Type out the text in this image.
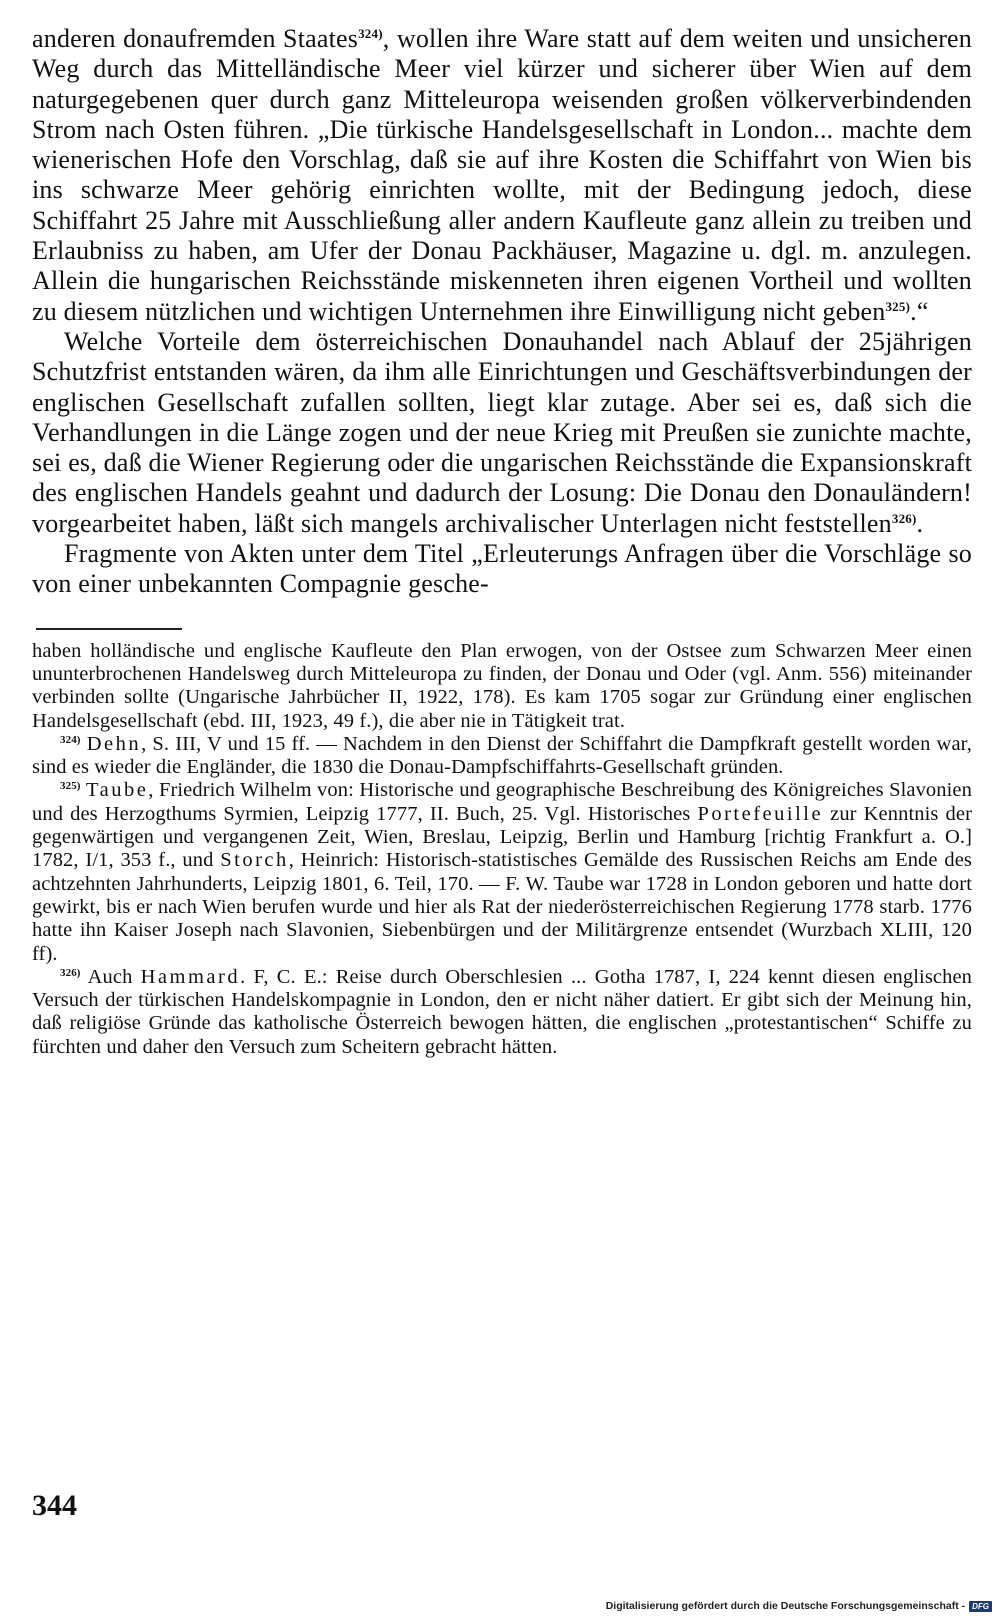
anderen donaufremden Staates$^{324)}$, wollen ihre Ware statt auf dem weiten und unsicheren Weg durch das Mittelländische Meer viel kürzer und sicherer über Wien auf dem naturgegebenen quer durch ganz Mitteleuropa weisenden großen völkerverbindenden Strom nach Osten führen. „Die türkische Handelsgesellschaft in London... machte dem wienerischen Hofe den Vorschlag, daß sie auf ihre Kosten die Schiffahrt von Wien bis ins schwarze Meer gehörig einrichten wollte, mit der Bedingung jedoch, diese Schiffahrt 25 Jahre mit Ausschließung aller andern Kaufleute ganz allein zu treiben und Erlaubniss zu haben, am Ufer der Donau Packhäuser, Magazine u. dgl. m. anzulegen. Allein die hungarischen Reichsstände miskenneten ihren eigenen Vortheil und wollten zu diesem nützlichen und wichtigen Unternehmen ihre Einwilligung nicht geben$^{325)}$.“

Welche Vorteile dem österreichischen Donauhandel nach Ablauf der 25jährigen Schutzfrist entstanden wären, da ihm alle Einrichtungen und Geschäftsverbindungen der englischen Gesellschaft zufallen sollten, liegt klar zutage. Aber sei es, daß sich die Verhandlungen in die Länge zogen und der neue Krieg mit Preußen sie zunichte machte, sei es, daß die Wiener Regierung oder die ungarischen Reichsstände die Expansionskraft des englischen Handels geahnt und dadurch der Losung: Die Donau den Donauländern! vorgearbeitet haben, läßt sich mangels archivalischer Unterlagen nicht feststellen$^{326)}$.

Fragmente von Akten unter dem Titel „Erleuterungs Anfragen über die Vorschläge so von einer unbekannten Compagnie gesche-

haben holländische und englische Kaufleute den Plan erwogen, von der Ostsee zum Schwarzen Meer einen ununterbrochenen Handelsweg durch Mitteleuropa zu finden, der Donau und Oder (vgl. Anm. 556) miteinander verbinden sollte (Ungarische Jahrbücher II, 1922, 178). Es kam 1705 sogar zur Gründung einer englischen Handelsgesellschaft (ebd. III, 1923, 49 f.), die aber nie in Tätigkeit trat.

$^{324)}$ Dehn, S. III, V und 15 ff. — Nachdem in den Dienst der Schiffahrt die Dampfkraft gestellt worden war, sind es wieder die Engländer, die 1830 die Donau-Dampfschiffahrts-Gesellschaft gründen.

$^{325)}$ Taube, Friedrich Wilhelm von: Historische und geographische Beschreibung des Königreiches Slavonien und des Herzogthums Syrmien, Leipzig 1777, II. Buch, 25. Vgl. Historisches Portefeuille zur Kenntnis der gegenwärtigen und vergangenen Zeit, Wien, Breslau, Leipzig, Berlin und Hamburg [richtig Frankfurt a. O.] 1782, I/1, 353 f., und Storch, Heinrich: Historisch-statistisches Gemälde des Russischen Reichs am Ende des achtzehnten Jahrhunderts, Leipzig 1801, 6. Teil, 170. — F. W. Taube war 1728 in London geboren und hatte dort gewirkt, bis er nach Wien berufen wurde und hier als Rat der niederösterreichischen Regierung 1778 starb. 1776 hatte ihn Kaiser Joseph nach Slavonien, Siebenbürgen und der Militärgrenze entsendet (Wurzbach XLIII, 120 ff).

$^{326)}$ Auch Hammard. F, C. E.: Reise durch Oberschlesien ... Gotha 1787, I, 224 kennt diesen englischen Versuch der türkischen Handelskompagnie in London, den er nicht näher datiert. Er gibt sich der Meinung hin, daß religiöse Gründe das katholische Österreich bewogen hätten, die englischen „protestantischen“ Schiffe zu fürchten und daher den Versuch zum Scheitern gebracht hätten.

344
Digitalisierung gefördert durch die Deutsche Forschungsgemeinschaft - DFG
